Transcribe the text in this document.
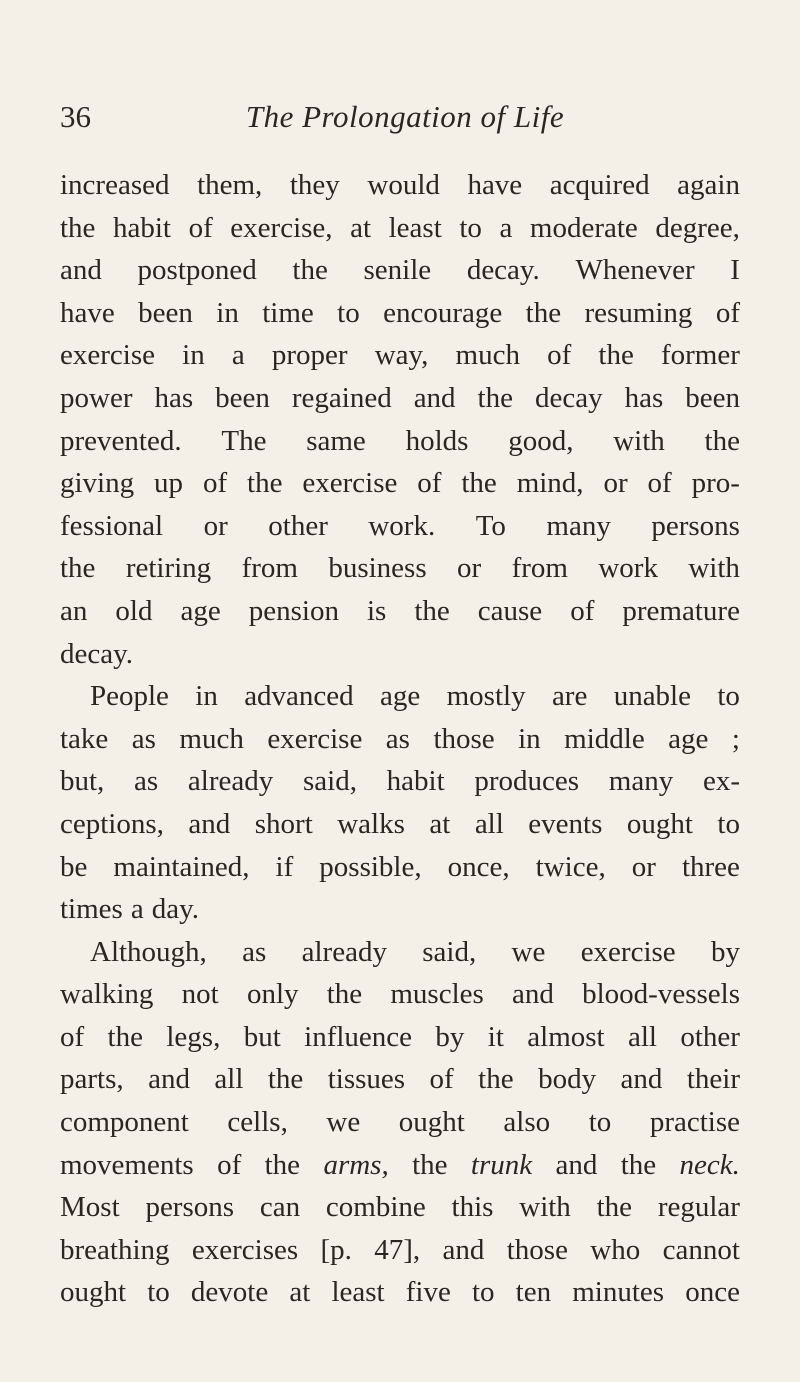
36	The Prolongation of Life
increased them, they would have acquired again
the habit of exercise, at least to a moderate degree,
and postponed the senile decay. Whenever I
have been in time to encourage the resuming of
exercise in a proper way, much of the former
power has been regained and the decay has been
prevented. The same holds good, with the
giving up of the exercise of the mind, or of pro-
fessional or other work. To many persons
the retiring from business or from work with
an old age pension is the cause of premature
decay.
People in advanced age mostly are unable to
take as much exercise as those in middle age ;
but, as already said, habit produces many ex-
ceptions, and short walks at all events ought to
be maintained, if possible, once, twice, or three
times a day.
Although, as already said, we exercise by
walking not only the muscles and blood-vessels
of the legs, but influence by it almost all other
parts, and all the tissues of the body and their
component cells, we ought also to practise
movements of the arms, the trunk and the neck.
Most persons can combine this with the regular
breathing exercises [p. 47], and those who cannot
ought to devote at least five to ten minutes once
